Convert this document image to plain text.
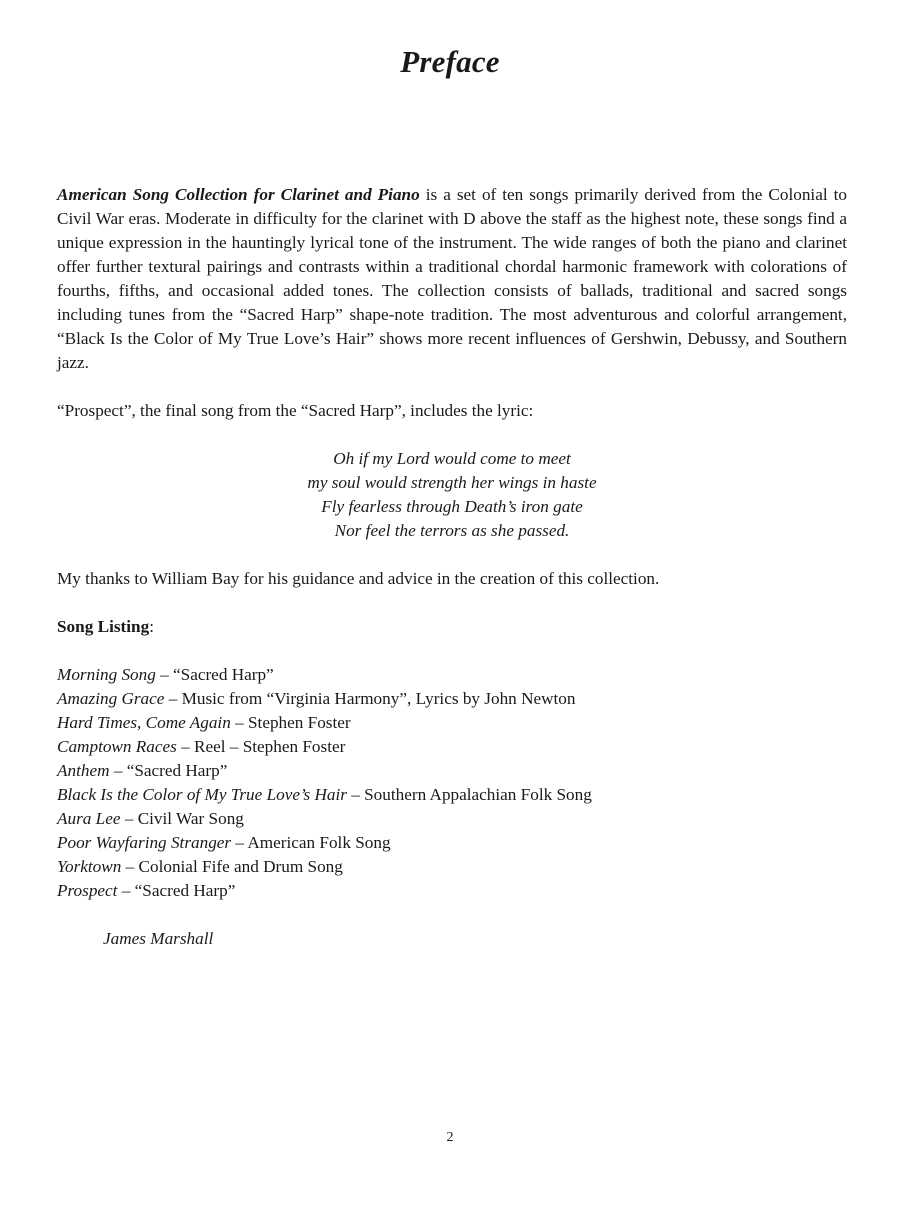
Preface

American Song Collection for Clarinet and Piano is a set of ten songs primarily derived from the Colonial to Civil War eras. Moderate in difficulty for the clarinet with D above the staff as the highest note, these songs find a unique expression in the hauntingly lyrical tone of the instrument. The wide ranges of both the piano and clarinet offer further textural pairings and contrasts within a traditional chordal harmonic framework with colorations of fourths, fifths, and occasional added tones. The collection consists of ballads, traditional and sacred songs including tunes from the “Sacred Harp” shape-note tradition. The most adventurous and colorful arrangement, “Black Is the Color of My True Love’s Hair” shows more recent influences of Gershwin, Debussy, and Southern jazz.

“Prospect”, the final song from the “Sacred Harp”, includes the lyric:

Oh if my Lord would come to meet
my soul would strength her wings in haste
Fly fearless through Death’s iron gate
Nor feel the terrors as she passed.

My thanks to William Bay for his guidance and advice in the creation of this collection.

Song Listing:

Morning Song – “Sacred Harp”
Amazing Grace – Music from “Virginia Harmony”, Lyrics by John Newton
Hard Times, Come Again – Stephen Foster
Camptown Races – Reel – Stephen Foster
Anthem – “Sacred Harp”
Black Is the Color of My True Love’s Hair – Southern Appalachian Folk Song
Aura Lee – Civil War Song
Poor Wayfaring Stranger – American Folk Song
Yorktown – Colonial Fife and Drum Song
Prospect – “Sacred Harp”

James Marshall

2
